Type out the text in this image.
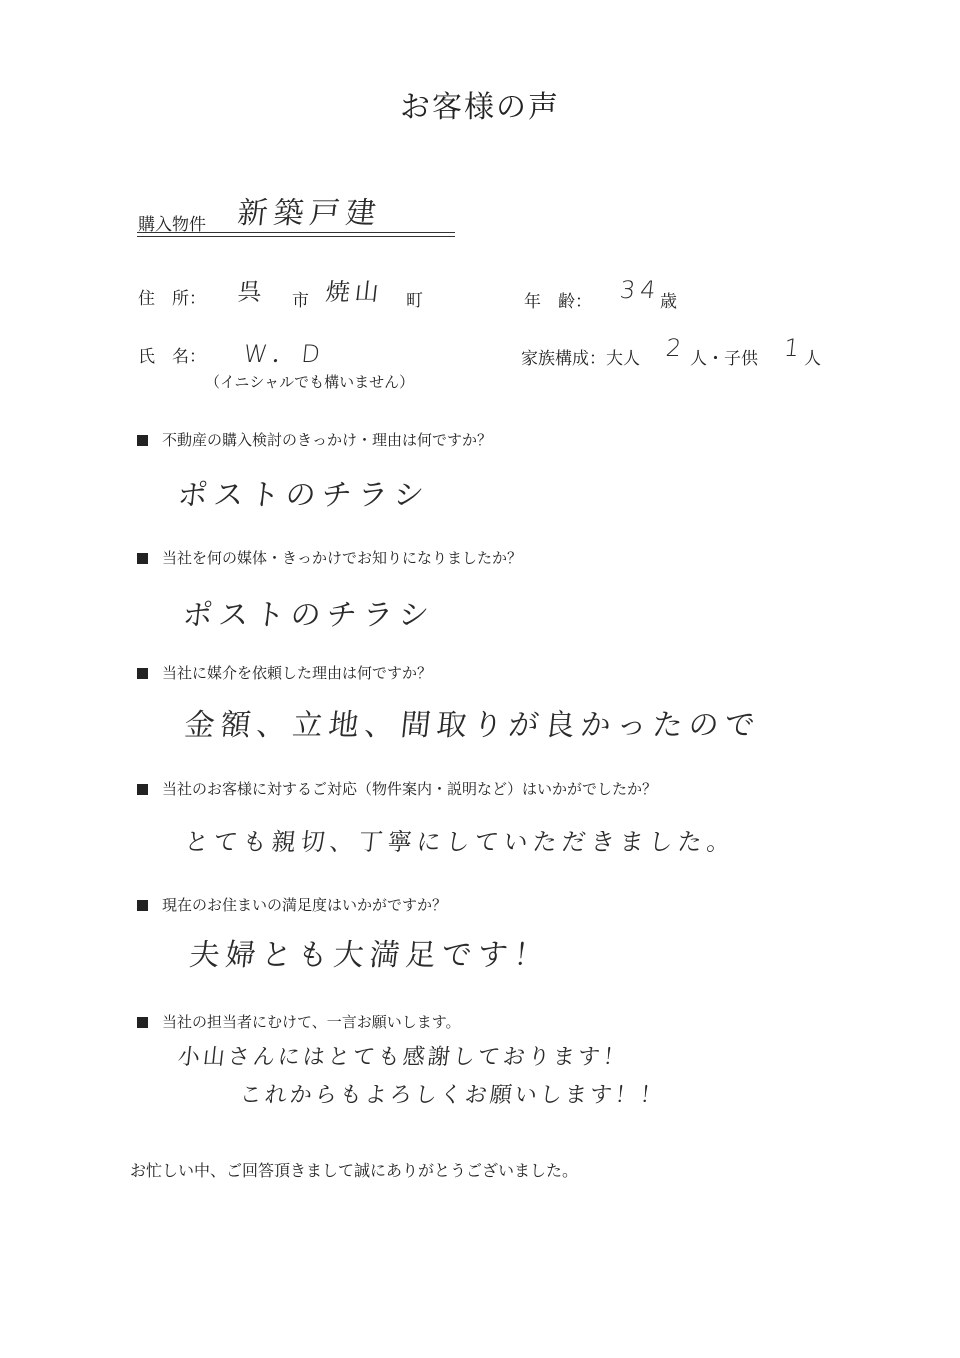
お客様の声
購入物件 新築戸建
住　所： 呉 市 焼山 町	年　齢： 34
歳
氏　名： W．D
（イニシャルでも構いません）
家族構成：大人 2 人・子供 1
人
不動産の購入検討のきっかけ・理由は何ですか？
ポストのチラシ
当社を何の媒体・きっかけでお知りになりましたか？
ポストのチラシ
当社に媒介を依頼した理由は何ですか？
金額、立地、間取りが良かったので
当社のお客様に対するご対応（物件案内・説明など）はいかがでしたか？
とても親切、丁寧にしていただきました。
現在のお住まいの満足度はいかがですか？
夫婦とも大満足です！
当社の担当者にむけて、一言お願いします。
小山さんにはとても感謝しております！
これからもよろしくお願いします！！
お忙しい中、ご回答頂きまして誠にありがとうございました。
